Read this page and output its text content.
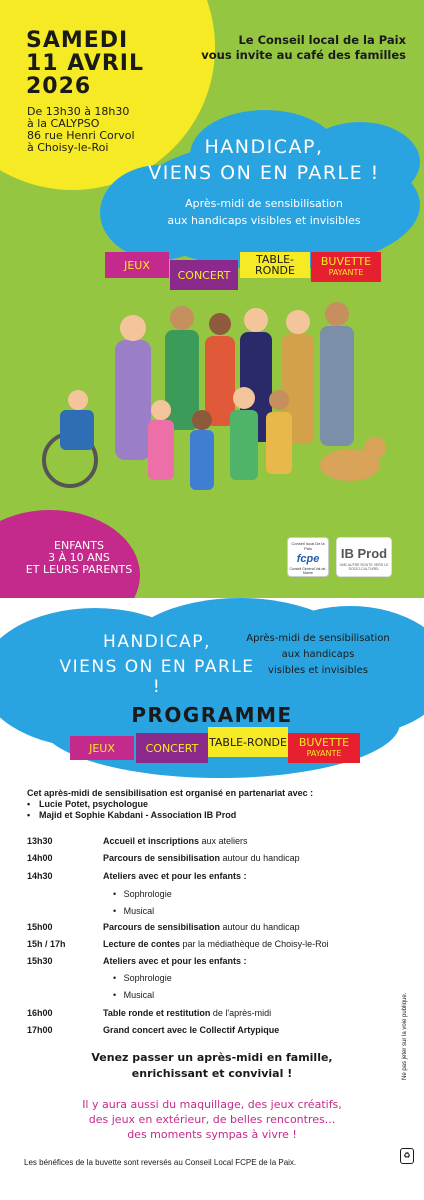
SAMEDI
11 AVRIL
2026
De 13h30 à 18h30
à la CALYPSO
86 rue Henri Corvol
à Choisy-le-Roi
Le Conseil local de la Paix
vous invite au café des familles
HANDICAP,
VIENS ON EN PARLE !
Après-midi de sensibilisation
aux handicaps visibles et invisibles
JEUX
CONCERT
TABLE-RONDE
BUVETTE
PAYANTE
ENFANTS
3 À 10 ANS
ET LEURS PARENTS
Conseil local De la Paix
fcpe
Conseil Général Val-de-Marne
IB Prod
UNE AUTRE ROUTE VERS LE SOCIO-CULTUREL
HANDICAP,
VIENS ON EN PARLE !
Après-midi de sensibilisation
aux handicaps
visibles et invisibles
PROGRAMME
JEUX	CONCERT TABLE-RONDE BUVETTE
PAYANTE
Cet après-midi de sensibilisation est organisé en partenariat avec :
• Lucie Potet, psychologue
• Majid et Sophie Kabdani - Association IB Prod
13h30	Accueil et inscriptions aux ateliers
14h00	Parcours de sensibilisation autour du handicap
14h30	Ateliers avec et pour les enfants :
•   Sophrologie
•   Musical
15h00	Parcours de sensibilisation autour du handicap
15h / 17h	Lecture de contes par la médiathèque de Choisy-le-Roi
15h30	Ateliers avec et pour les enfants :
•   Sophrologie
•   Musical
16h00	Table ronde et restitution de l'après-midi
17h00	Grand concert avec le Collectif Artypique
Venez passer un après-midi en famille,
enrichissant et convivial !
Il y aura aussi du maquillage, des jeux créatifs,
des jeux en extérieur, de belles rencontres...
des moments sympas à vivre !
Les bénéfices de la buvette sont reversés au Conseil Local FCPE de la Paix.
Ne pas jeter sur la voie publique.
♻
